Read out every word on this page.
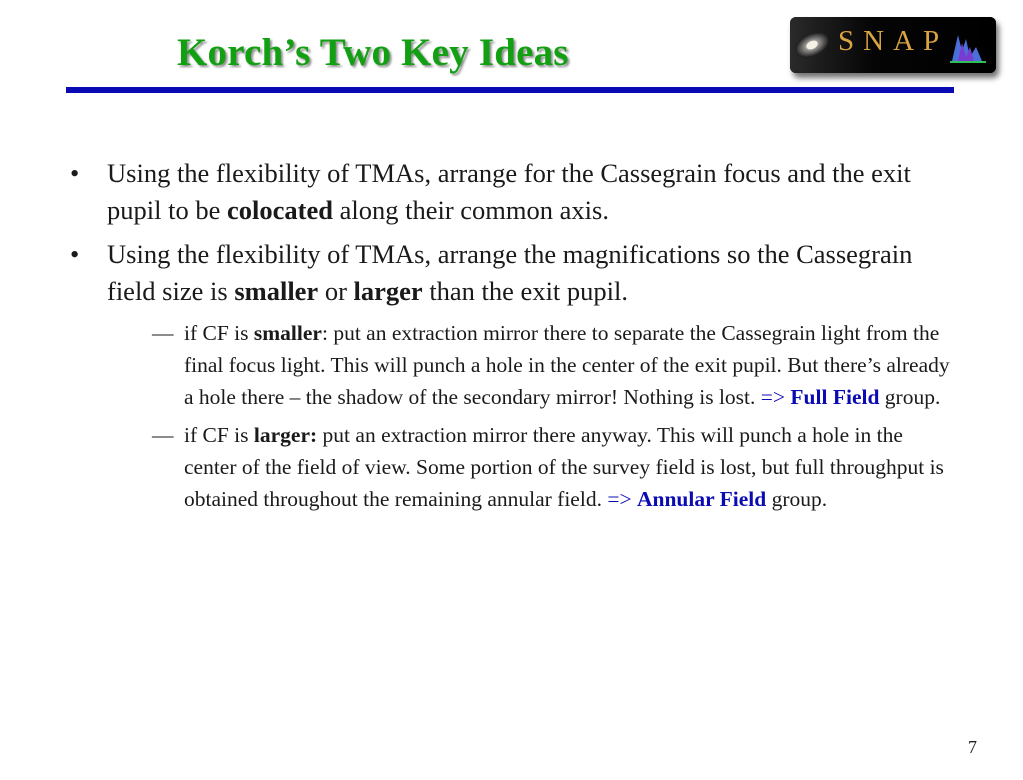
Korch’s Two Key Ideas	SNAP
• Using the flexibility of TMAs, arrange for the Cassegrain focus and the exit pupil to be colocated along their common axis.
• Using the flexibility of TMAs, arrange the magnifications so the Cassegrain field size is smaller or larger than the exit pupil.
— if CF is smaller: put an extraction mirror there to separate the Cassegrain light from the final focus light. This will punch a hole in the center of the exit pupil. But there’s already a hole there – the shadow of the secondary mirror! Nothing is lost. => Full Field group.
— if CF is larger: put an extraction mirror there anyway. This will punch a hole in the center of the field of view. Some portion of the survey field is lost, but full throughput is obtained throughout the remaining annular field. => Annular Field group.
7
